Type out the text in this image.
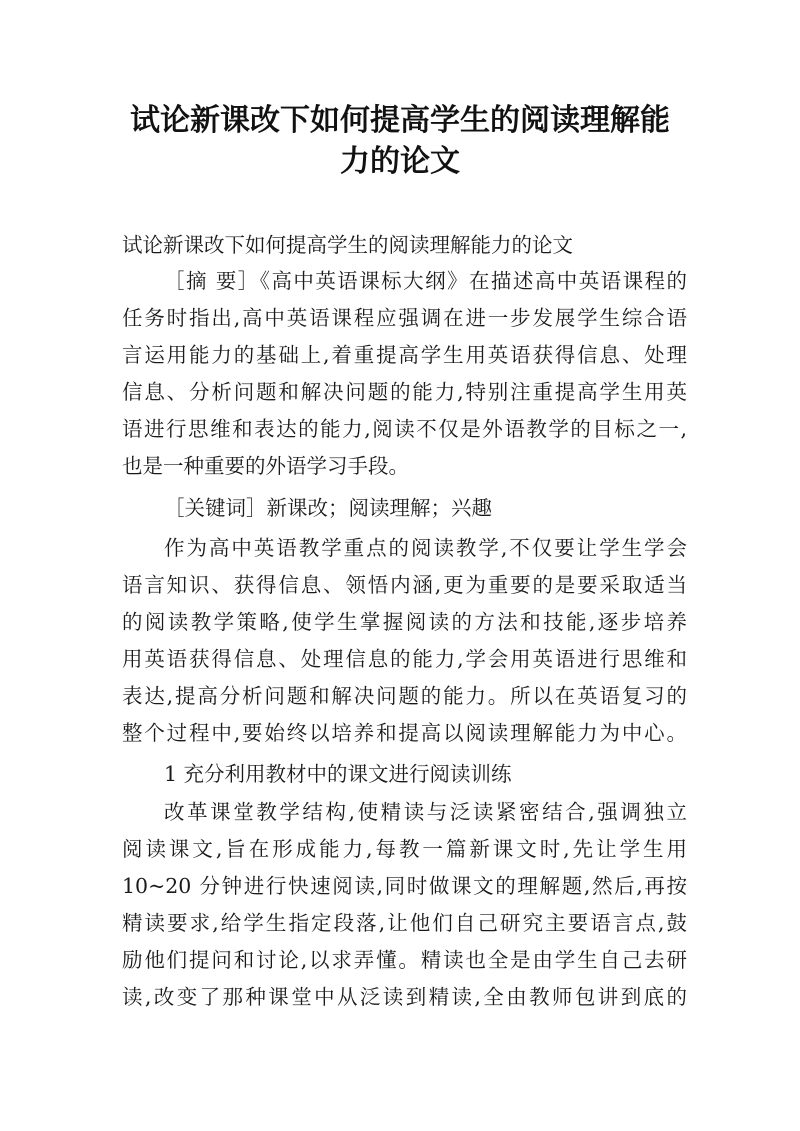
试论新课改下如何提高学生的阅读理解能
力的论文
试论新课改下如何提高学生的阅读理解能力的论文
［摘 要］《高中英语课标大纲》在描述高中英语课程的
任务时指出,高中英语课程应强调在进一步发展学生综合语
言运用能力的基础上,着重提高学生用英语获得信息、处理
信息、分析问题和解决问题的能力,特别注重提高学生用英
语进行思维和表达的能力,阅读不仅是外语教学的目标之一,
也是一种重要的外语学习手段。
［关键词］新课改；阅读理解；兴趣
作为高中英语教学重点的阅读教学,不仅要让学生学会
语言知识、获得信息、领悟内涵,更为重要的是要采取适当
的阅读教学策略,使学生掌握阅读的方法和技能,逐步培养
用英语获得信息、处理信息的能力,学会用英语进行思维和
表达,提高分析问题和解决问题的能力。所以在英语复习的
整个过程中,要始终以培养和提高以阅读理解能力为中心。
1 充分利用教材中的课文进行阅读训练
改革课堂教学结构,使精读与泛读紧密结合,强调独立
阅读课文,旨在形成能力,每教一篇新课文时,先让学生用
10~20 分钟进行快速阅读,同时做课文的理解题,然后,再按
精读要求,给学生指定段落,让他们自己研究主要语言点,鼓
励他们提问和讨论,以求弄懂。精读也全是由学生自己去研
读,改变了那种课堂中从泛读到精读,全由教师包讲到底的
